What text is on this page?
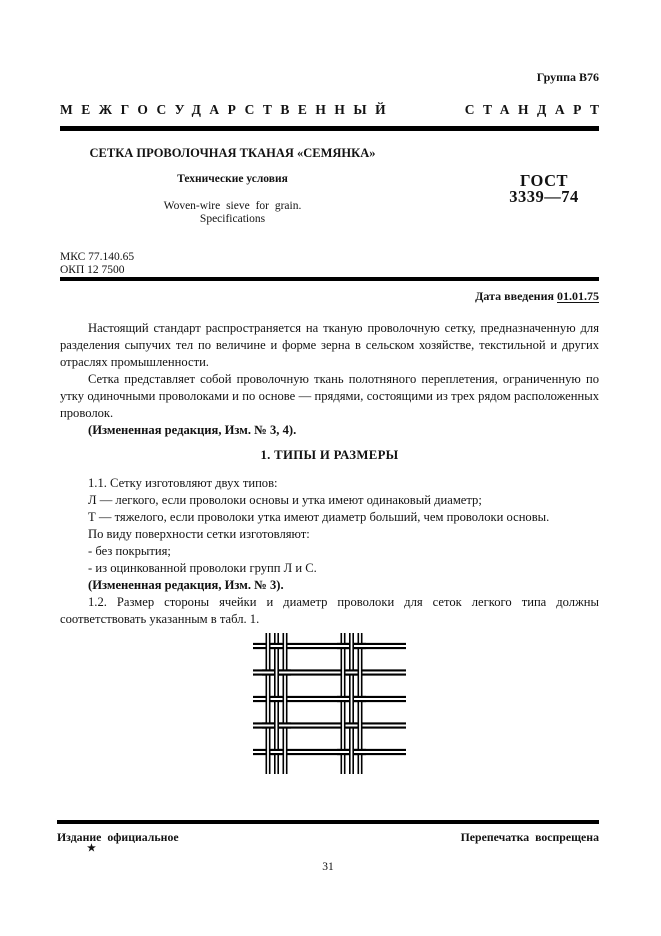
Группа В76
МЕЖГОСУДАРСТВЕННЫЙ	СТАНДАРТ
СЕТКА ПРОВОЛОЧНАЯ ТКАНАЯ «СЕМЯНКА»
Технические условия
Woven-wire sieve for grain.
Specifications
ГОСТ
3339—74
МКС 77.140.65
ОКП 12 7500
Дата введения 01.01.75

Настоящий стандарт распространяется на тканую проволочную сетку, предназначенную для разделения сыпучих тел по величине и форме зерна в сельском хозяйстве, текстильной и других отраслях промышленности.

Сетка представляет собой проволочную ткань полотняного переплетения, ограниченную по утку одиночными проволоками и по основе — прядями, состоящими из трех рядом расположенных проволок.

(Измененная редакция, Изм. № 3, 4).

1. ТИПЫ И РАЗМЕРЫ

1.1. Сетку изготовляют двух типов:

Л — легкого, если проволоки основы и утка имеют одинаковый диаметр;

Т — тяжелого, если проволоки утка имеют диаметр больший, чем проволоки основы.

По виду поверхности сетки изготовляют:

- без покрытия;

- из оцинкованной проволоки групп Л и С.

(Измененная редакция, Изм. № 3).

1.2. Размер стороны ячейки и диаметр проволоки для сеток легкого типа должны соответствовать указанным в табл. 1.

Издание официальное
★
Перепечатка воспрещена
31
